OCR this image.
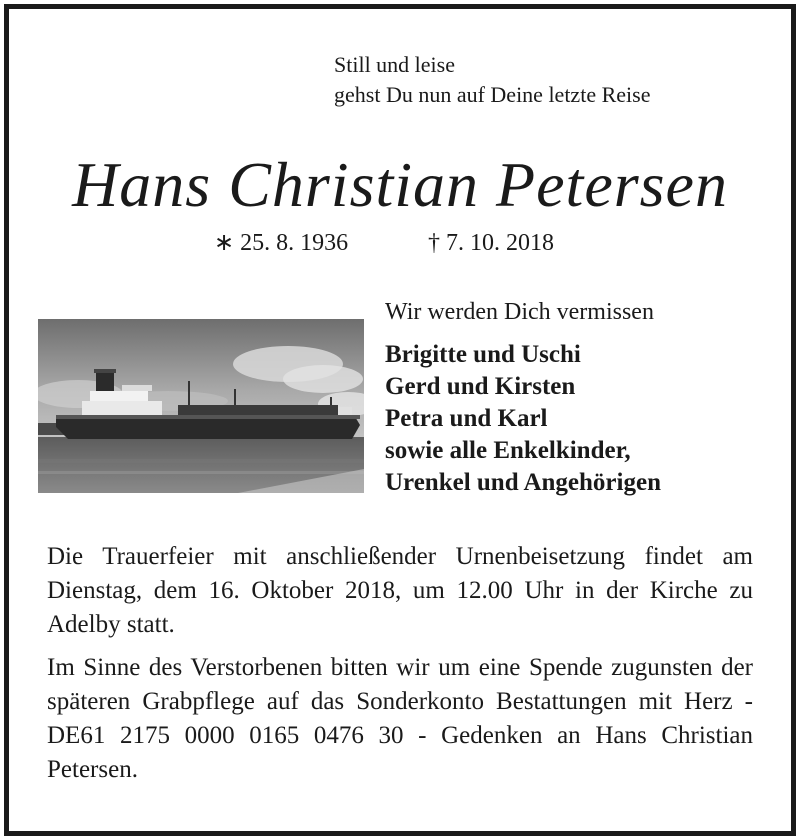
Still und leise
gehst Du nun auf Deine letzte Reise
Hans Christian Petersen
∗ 25. 8. 1936	† 7. 10. 2018
Wir werden Dich vermissen
Brigitte und Uschi
Gerd und Kirsten
Petra und Karl
sowie alle Enkelkinder,
Urenkel und Angehörigen
Die Trauerfeier mit anschließender Urnenbeisetzung findet am Dienstag, dem 16. Oktober 2018, um 12.00 Uhr in der Kirche zu Adelby statt.
Im Sinne des Verstorbenen bitten wir um eine Spende zugunsten der späteren Grabpflege auf das Sonderkonto Bestattungen mit Herz - DE61 2175 0000 0165 0476 30 - Gedenken an Hans Christian Petersen.
